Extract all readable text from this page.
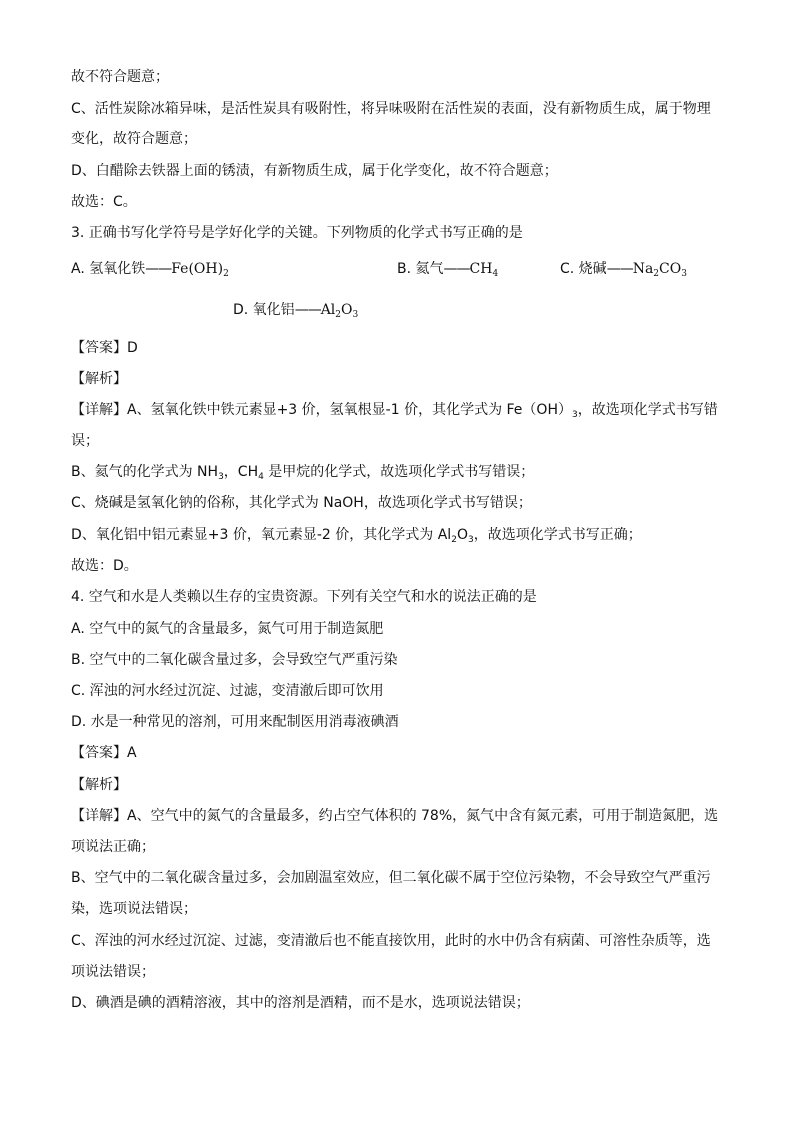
故不符合题意；
C、活性炭除冰箱异味，是活性炭具有吸附性，将异味吸附在活性炭的表面，没有新物质生成，属于物理
变化，故符合题意；
D、白醋除去铁器上面的锈渍，有新物质生成，属于化学变化，故不符合题意；
故选：C。
3. 正确书写化学符号是学好化学的关键。下列物质的化学式书写正确的是
A. 氢氧化铁$——Fe(OH)_2$	B. 氦气$——CH_4$	C. 烧碱$——Na_2CO_3$
D. 氧化铝$——Al_2O_3$
【答案】D
【解析】
【详解】A、氢氧化铁中铁元素显+3 价，氢氧根显-1 价，其化学式为 $Fe(OH)_3$，故选项化学式书写错
误；
B、氦气的化学式为 $NH_3$，$CH_4$ 是甲烷的化学式，故选项化学式书写错误；
C、烧碱是氢氧化钠的俗称，其化学式为 NaOH，故选项化学式书写错误；
D、氧化铝中铝元素显+3 价，氧元素显-2 价，其化学式为 $Al_2O_3$，故选项化学式书写正确；
故选：D。
4. 空气和水是人类赖以生存的宝贵资源。下列有关空气和水的说法正确的是
A. 空气中的氮气的含量最多，氮气可用于制造氮肥
B. 空气中的二氧化碳含量过多，会导致空气严重污染
C. 浑浊的河水经过沉淀、过滤，变清澈后即可饮用
D. 水是一种常见的溶剂，可用来配制医用消毒液碘酒
【答案】A
【解析】
【详解】A、空气中的氮气的含量最多，约占空气体积的 78%，氮气中含有氮元素，可用于制造氮肥，选
项说法正确；
B、空气中的二氧化碳含量过多，会加剧温室效应，但二氧化碳不属于空位污染物，不会导致空气严重污
染，选项说法错误；
C、浑浊的河水经过沉淀、过滤，变清澈后也不能直接饮用，此时的水中仍含有病菌、可溶性杂质等，选
项说法错误；
D、碘酒是碘的酒精溶液，其中的溶剂是酒精，而不是水，选项说法错误；
